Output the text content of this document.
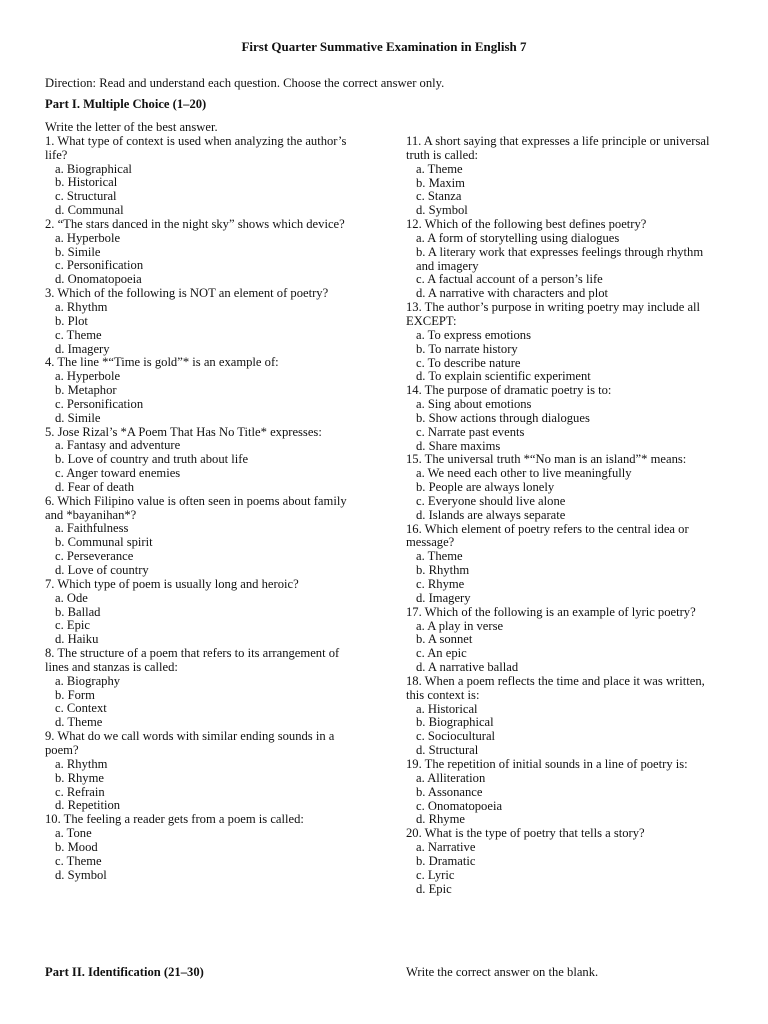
First Quarter Summative Examination in English 7
Direction: Read and understand each question. Choose the correct answer only.
Part I. Multiple Choice (1–20)
Write the letter of the best answer.
1. What type of context is used when analyzing the author’s life?
a. Biographical
b. Historical
c. Structural
d. Communal
2. “The stars danced in the night sky” shows which device?
a. Hyperbole
b. Simile
c. Personification
d. Onomatopoeia
3. Which of the following is NOT an element of poetry?
a. Rhythm
b. Plot
c. Theme
d. Imagery
4. The line *“Time is gold”* is an example of:
a. Hyperbole
b. Metaphor
c. Personification
d. Simile
5. Jose Rizal’s *A Poem That Has No Title* expresses:
a. Fantasy and adventure
b. Love of country and truth about life
c. Anger toward enemies
d. Fear of death
6. Which Filipino value is often seen in poems about family and *bayanihan*?
a. Faithfulness
b. Communal spirit
c. Perseverance
d. Love of country
7. Which type of poem is usually long and heroic?
a. Ode
b. Ballad
c. Epic
d. Haiku
8. The structure of a poem that refers to its arrangement of lines and stanzas is called:
a. Biography
b. Form
c. Context
d. Theme
9. What do we call words with similar ending sounds in a poem?
a. Rhythm
b. Rhyme
c. Refrain
d. Repetition
10. The feeling a reader gets from a poem is called:
a. Tone
b. Mood
c. Theme
d. Symbol
11. A short saying that expresses a life principle or universal truth is called:
a. Theme
b. Maxim
c. Stanza
d. Symbol
12. Which of the following best defines poetry?
a. A form of storytelling using dialogues
b. A literary work that expresses feelings through rhythm and imagery
c. A factual account of a person’s life
d. A narrative with characters and plot
13. The author’s purpose in writing poetry may include all EXCEPT:
a. To express emotions
b. To narrate history
c. To describe nature
d. To explain scientific experiment
14. The purpose of dramatic poetry is to:
a. Sing about emotions
b. Show actions through dialogues
c. Narrate past events
d. Share maxims
15. The universal truth *“No man is an island”* means:
a. We need each other to live meaningfully
b. People are always lonely
c. Everyone should live alone
d. Islands are always separate
16. Which element of poetry refers to the central idea or message?
a. Theme
b. Rhythm
c. Rhyme
d. Imagery
17. Which of the following is an example of lyric poetry?
a. A play in verse
b. A sonnet
c. An epic
d. A narrative ballad
18. When a poem reflects the time and place it was written, this context is:
a. Historical
b. Biographical
c. Sociocultural
d. Structural
19. The repetition of initial sounds in a line of poetry is:
a. Alliteration
b. Assonance
c. Onomatopoeia
d. Rhyme
20. What is the type of poetry that tells a story?
a. Narrative
b. Dramatic
c. Lyric
d. Epic
Part II. Identification (21–30)	Write the correct answer on the blank.
